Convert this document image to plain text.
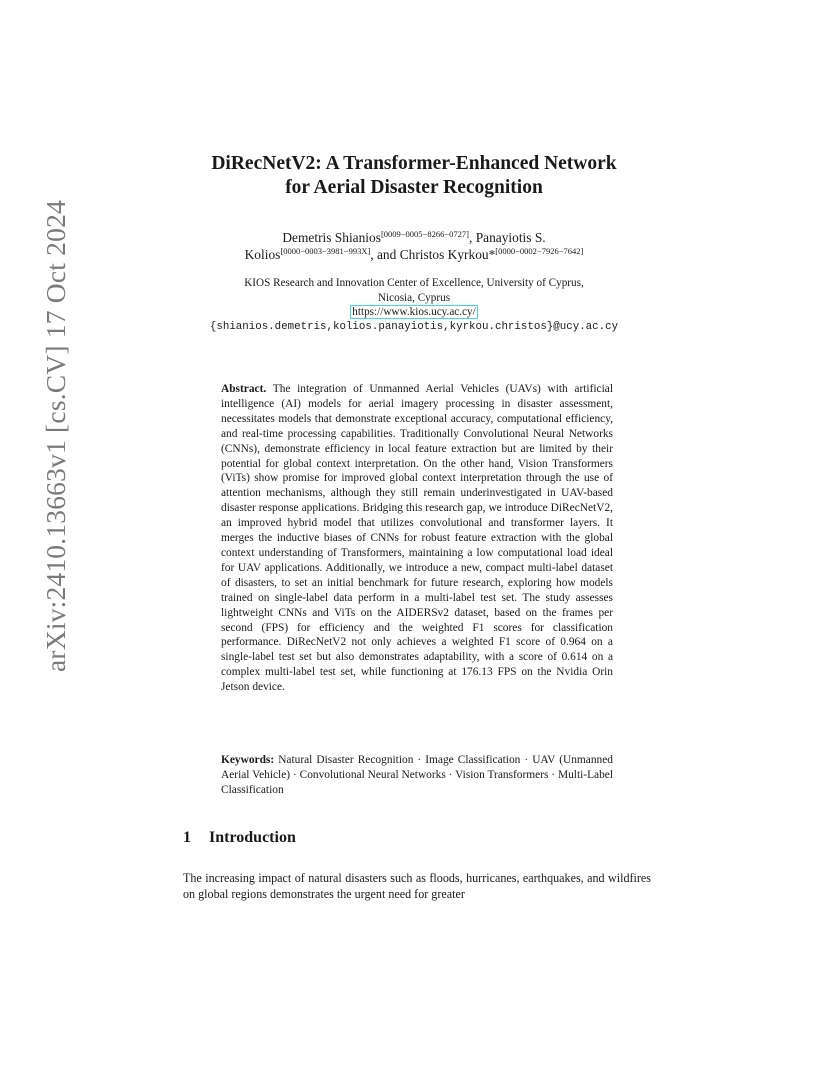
arXiv:2410.13663v1 [cs.CV] 17 Oct 2024
DiRecNetV2: A Transformer-Enhanced Network
for Aerial Disaster Recognition
Demetris Shianios[0009−0005−8266−0727], Panayiotis S.
Kolios[0000−0003−3981−993X], and Christos Kyrkou*[0000−0002−7926−7642]
KIOS Research and Innovation Center of Excellence, University of Cyprus,
Nicosia, Cyprus
https://www.kios.ucy.ac.cy/
{shianios.demetris,kolios.panayiotis,kyrkou.christos}@ucy.ac.cy
Abstract. The integration of Unmanned Aerial Vehicles (UAVs) with artificial intelligence (AI) models for aerial imagery processing in disaster assessment, necessitates models that demonstrate exceptional accuracy, computational efficiency, and real-time processing capabilities. Traditionally Convolutional Neural Networks (CNNs), demonstrate efficiency in local feature extraction but are limited by their potential for global context interpretation. On the other hand, Vision Transformers (ViTs) show promise for improved global context interpretation through the use of attention mechanisms, although they still remain underinvestigated in UAV-based disaster response applications. Bridging this research gap, we introduce DiRecNetV2, an improved hybrid model that utilizes convolutional and transformer layers. It merges the inductive biases of CNNs for robust feature extraction with the global context understanding of Transformers, maintaining a low computational load ideal for UAV applications. Additionally, we introduce a new, compact multi-label dataset of disasters, to set an initial benchmark for future research, exploring how models trained on single-label data perform in a multi-label test set. The study assesses lightweight CNNs and ViTs on the AIDERSv2 dataset, based on the frames per second (FPS) for efficiency and the weighted F1 scores for classification performance. DiRecNetV2 not only achieves a weighted F1 score of 0.964 on a single-label test set but also demonstrates adaptability, with a score of 0.614 on a complex multi-label test set, while functioning at 176.13 FPS on the Nvidia Orin Jetson device.
Keywords: Natural Disaster Recognition · Image Classification · UAV (Unmanned Aerial Vehicle) · Convolutional Neural Networks · Vision Transformers · Multi-Label Classification
1 Introduction
The increasing impact of natural disasters such as floods, hurricanes, earthquakes, and wildfires on global regions demonstrates the urgent need for greater
